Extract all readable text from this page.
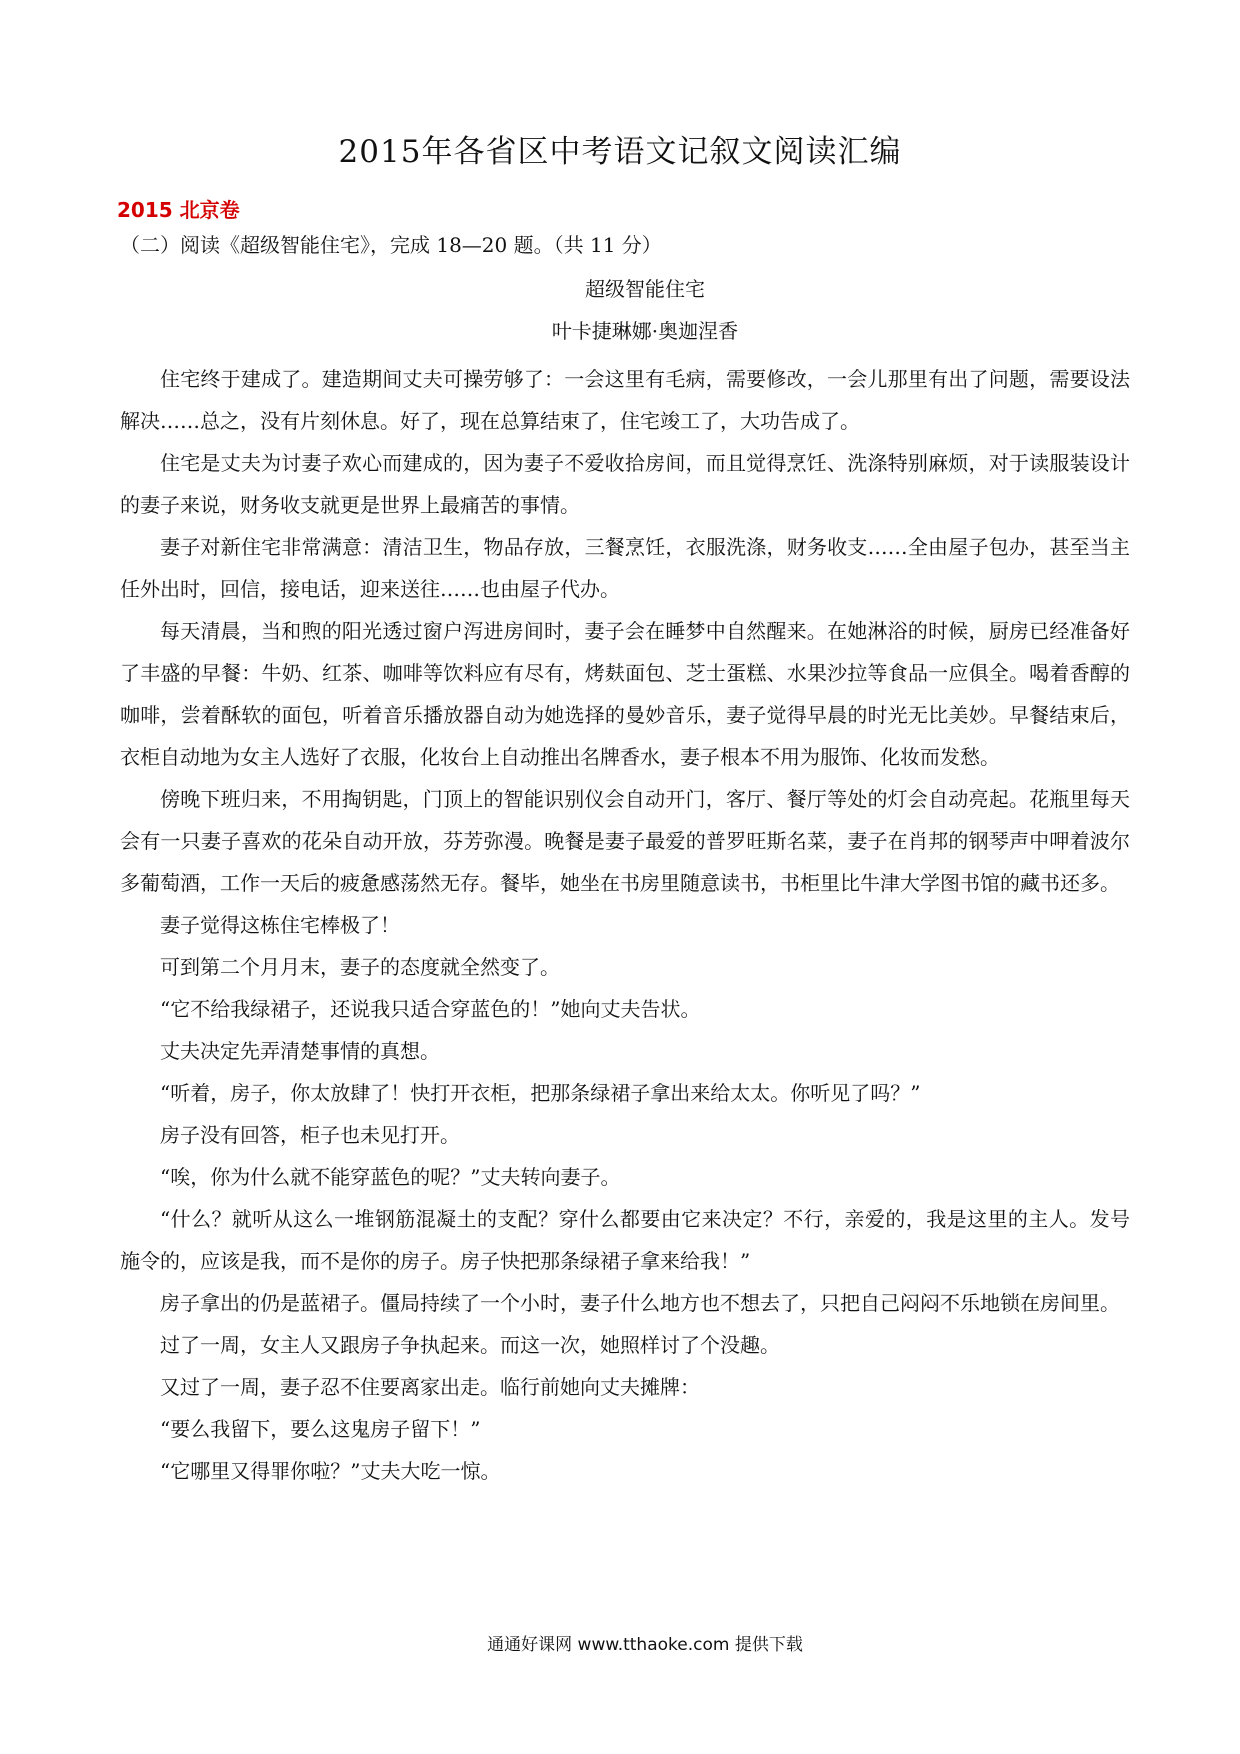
2015年各省区中考语文记叙文阅读汇编
2015 北京卷
（二）阅读《超级智能住宅》，完成 18—20 题。（共 11 分）
超级智能住宅
叶卡捷琳娜·奥迦涅香

住宅终于建成了。建造期间丈夫可操劳够了：一会这里有毛病，需要修改，一会儿那里有出了问题，需要设法解决……总之，没有片刻休息。好了，现在总算结束了，住宅竣工了，大功告成了。

住宅是丈夫为讨妻子欢心而建成的，因为妻子不爱收拾房间，而且觉得烹饪、洗涤特别麻烦，对于读服装设计的妻子来说，财务收支就更是世界上最痛苦的事情。

妻子对新住宅非常满意：清洁卫生，物品存放，三餐烹饪，衣服洗涤，财务收支……全由屋子包办，甚至当主任外出时，回信，接电话，迎来送往……也由屋子代办。

每天清晨，当和煦的阳光透过窗户泻进房间时，妻子会在睡梦中自然醒来。在她淋浴的时候，厨房已经准备好了丰盛的早餐：牛奶、红茶、咖啡等饮料应有尽有，烤麸面包、芝士蛋糕、水果沙拉等食品一应俱全。喝着香醇的咖啡，尝着酥软的面包，听着音乐播放器自动为她选择的曼妙音乐，妻子觉得早晨的时光无比美妙。早餐结束后，衣柜自动地为女主人选好了衣服，化妆台上自动推出名牌香水，妻子根本不用为服饰、化妆而发愁。

傍晚下班归来，不用掏钥匙，门顶上的智能识别仪会自动开门，客厅、餐厅等处的灯会自动亮起。花瓶里每天会有一只妻子喜欢的花朵自动开放，芬芳弥漫。晚餐是妻子最爱的普罗旺斯名菜，妻子在肖邦的钢琴声中呷着波尔多葡萄酒，工作一天后的疲惫感荡然无存。餐毕，她坐在书房里随意读书，书柜里比牛津大学图书馆的藏书还多。

妻子觉得这栋住宅棒极了！

可到第二个月月末，妻子的态度就全然变了。

“它不给我绿裙子，还说我只适合穿蓝色的！”她向丈夫告状。

丈夫决定先弄清楚事情的真想。

“听着，房子，你太放肆了！快打开衣柜，把那条绿裙子拿出来给太太。你听见了吗？”

房子没有回答，柜子也未见打开。

“唉，你为什么就不能穿蓝色的呢？”丈夫转向妻子。

“什么？就听从这么一堆钢筋混凝土的支配？穿什么都要由它来决定？不行，亲爱的，我是这里的主人。发号施令的，应该是我，而不是你的房子。房子快把那条绿裙子拿来给我！”

房子拿出的仍是蓝裙子。僵局持续了一个小时，妻子什么地方也不想去了，只把自己闷闷不乐地锁在房间里。

过了一周，女主人又跟房子争执起来。而这一次，她照样讨了个没趣。

又过了一周，妻子忍不住要离家出走。临行前她向丈夫摊牌：

“要么我留下，要么这鬼房子留下！”

“它哪里又得罪你啦？”丈夫大吃一惊。

通通好课网 www.tthaoke.com 提供下载
